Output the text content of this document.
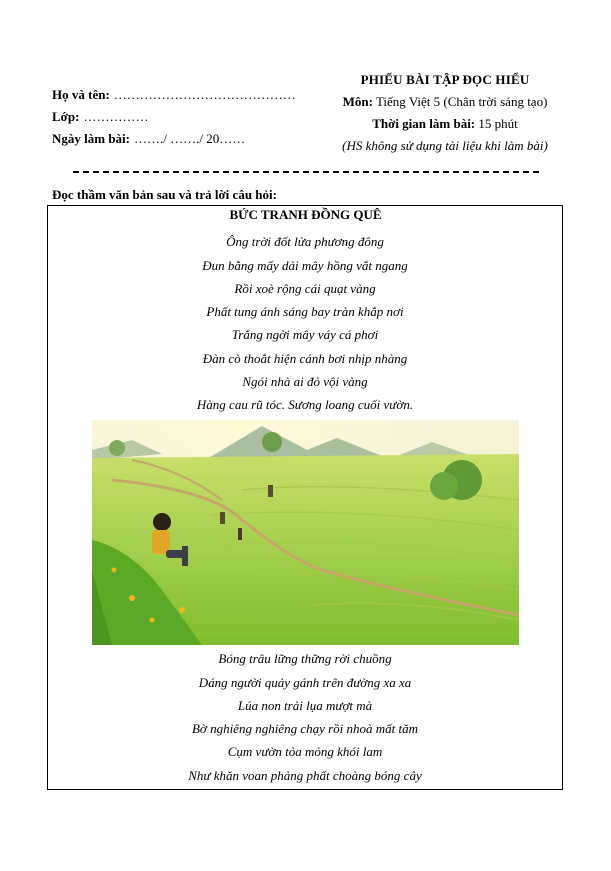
Họ và tên: ……………………………………
Lớp: ……………
Ngày làm bài: ……./ ……./ 20……
PHIẾU BÀI TẬP ĐỌC HIỂU
Môn: Tiếng Việt 5 (Chân trời sáng tạo)
Thời gian làm bài: 15 phút
(HS không sử dụng tài liệu khi làm bài)
Đọc thầm văn bản sau và trả lời câu hỏi:
BỨC TRANH ĐỒNG QUÊ
Ông trời đốt lửa phương đông
Đun bằng mấy dải mây hồng vắt ngang
Rồi xoè rộng cái quạt vàng
Phất tung ánh sáng bay tràn khắp nơi
Trắng ngời mây váy cá phơi
Đàn cò thoắt hiện cánh bơi nhịp nhàng
Ngói nhà ai đỏ vội vàng
Hàng cau rũ tóc. Sương loang cuối vườn.
Bóng trâu lững thững rời chuồng
Dáng người quảy gánh trên đường xa xa
Lúa non trải lụa mượt mà
Bờ nghiêng nghiêng chạy rồi nhoà mất tăm
Cụm vườn tỏa mỏng khói lam
Như khăn voan phảng phất choàng bóng cây
